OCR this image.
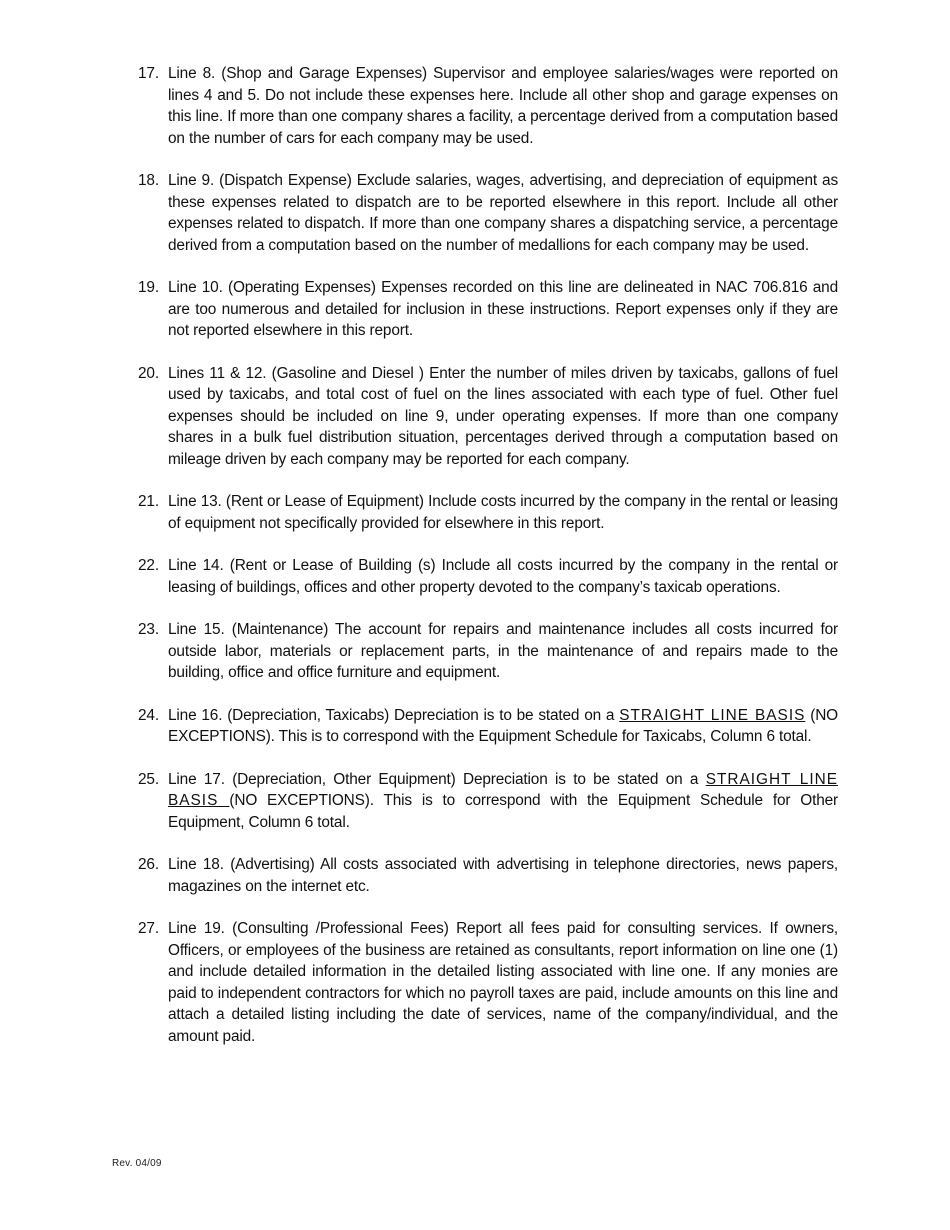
17. Line 8. (Shop and Garage Expenses) Supervisor and employee salaries/wages were reported on lines 4 and 5. Do not include these expenses here. Include all other shop and garage expenses on this line. If more than one company shares a facility, a percentage derived from a computation based on the number of cars for each company may be used.
18. Line 9. (Dispatch Expense) Exclude salaries, wages, advertising, and depreciation of equipment as these expenses related to dispatch are to be reported elsewhere in this report. Include all other expenses related to dispatch. If more than one company shares a dispatching service, a percentage derived from a computation based on the number of medallions for each company may be used.
19. Line 10. (Operating Expenses) Expenses recorded on this line are delineated in NAC 706.816 and are too numerous and detailed for inclusion in these instructions. Report expenses only if they are not reported elsewhere in this report.
20. Lines 11 & 12. (Gasoline and Diesel ) Enter the number of miles driven by taxicabs, gallons of fuel used by taxicabs, and total cost of fuel on the lines associated with each type of fuel. Other fuel expenses should be included on line 9, under operating expenses. If more than one company shares in a bulk fuel distribution situation, percentages derived through a computation based on mileage driven by each company may be reported for each company.
21. Line 13. (Rent or Lease of Equipment) Include costs incurred by the company in the rental or leasing of equipment not specifically provided for elsewhere in this report.
22. Line 14. (Rent or Lease of Building (s) Include all costs incurred by the company in the rental or leasing of buildings, offices and other property devoted to the company’s taxicab operations.
23. Line 15. (Maintenance) The account for repairs and maintenance includes all costs incurred for outside labor, materials or replacement parts, in the maintenance of and repairs made to the building, office and office furniture and equipment.
24. Line 16. (Depreciation, Taxicabs) Depreciation is to be stated on a STRAIGHT LINE BASIS (NO EXCEPTIONS). This is to correspond with the Equipment Schedule for Taxicabs, Column 6 total.
25. Line 17. (Depreciation, Other Equipment) Depreciation is to be stated on a STRAIGHT LINE BASIS (NO EXCEPTIONS). This is to correspond with the Equipment Schedule for Other Equipment, Column 6 total.
26. Line 18. (Advertising) All costs associated with advertising in telephone directories, news papers, magazines on the internet etc.
27. Line 19. (Consulting /Professional Fees) Report all fees paid for consulting services. If owners, Officers, or employees of the business are retained as consultants, report information on line one (1) and include detailed information in the detailed listing associated with line one. If any monies are paid to independent contractors for which no payroll taxes are paid, include amounts on this line and attach a detailed listing including the date of services, name of the company/individual, and the amount paid.
Rev. 04/09
